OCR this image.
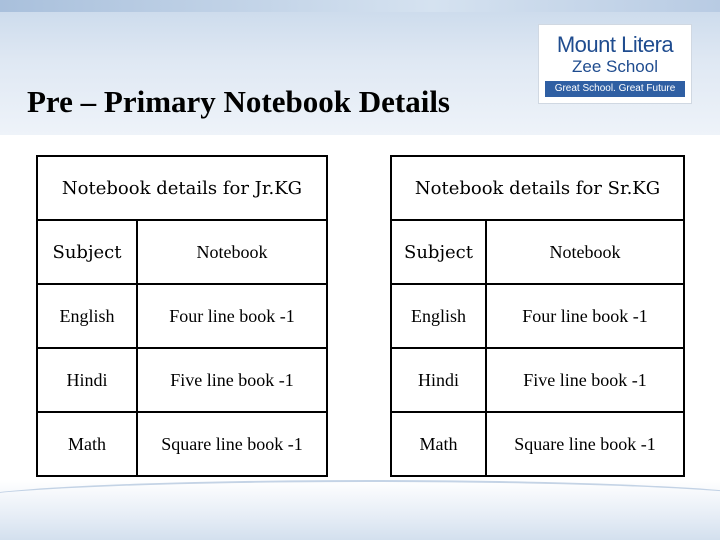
Pre – Primary Notebook Details
Mount Litera
Zee School
Great School. Great Future
Notebook details for Jr.KG	
Subject	Notebook
English	Four line book -1
Hindi	Five line book -1
Math	Square line book -1
Notebook details for Sr.KG	
Subject	Notebook
English	Four line book -1
Hindi	Five line book -1
Math	Square line book -1
